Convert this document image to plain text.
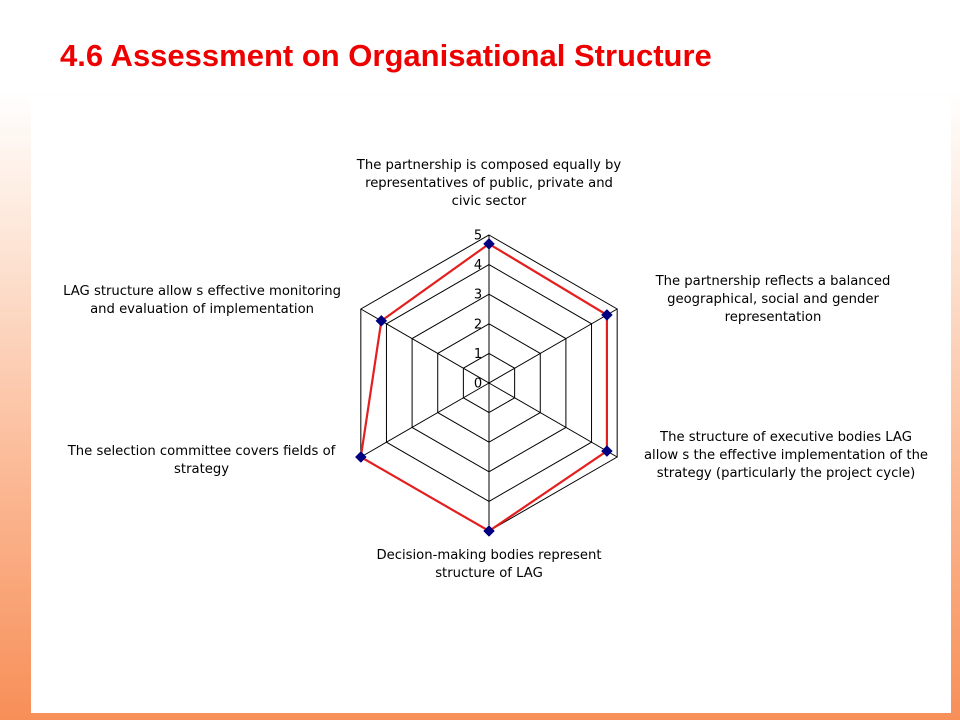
4.6 Assessment on Organisational Structure
0
1
2
3
4
5
The partnership is composed equally by representatives of public, private and civic sector
The partnership reflects a balanced geographical, social and gender representation
The structure of executive bodies LAG allow s the effective implementation of the strategy (particularly the project cycle)
Decision-making bodies represent structure of LAG
The selection committee covers fields of strategy
LAG structure allow s effective monitoring and evaluation of implementation
